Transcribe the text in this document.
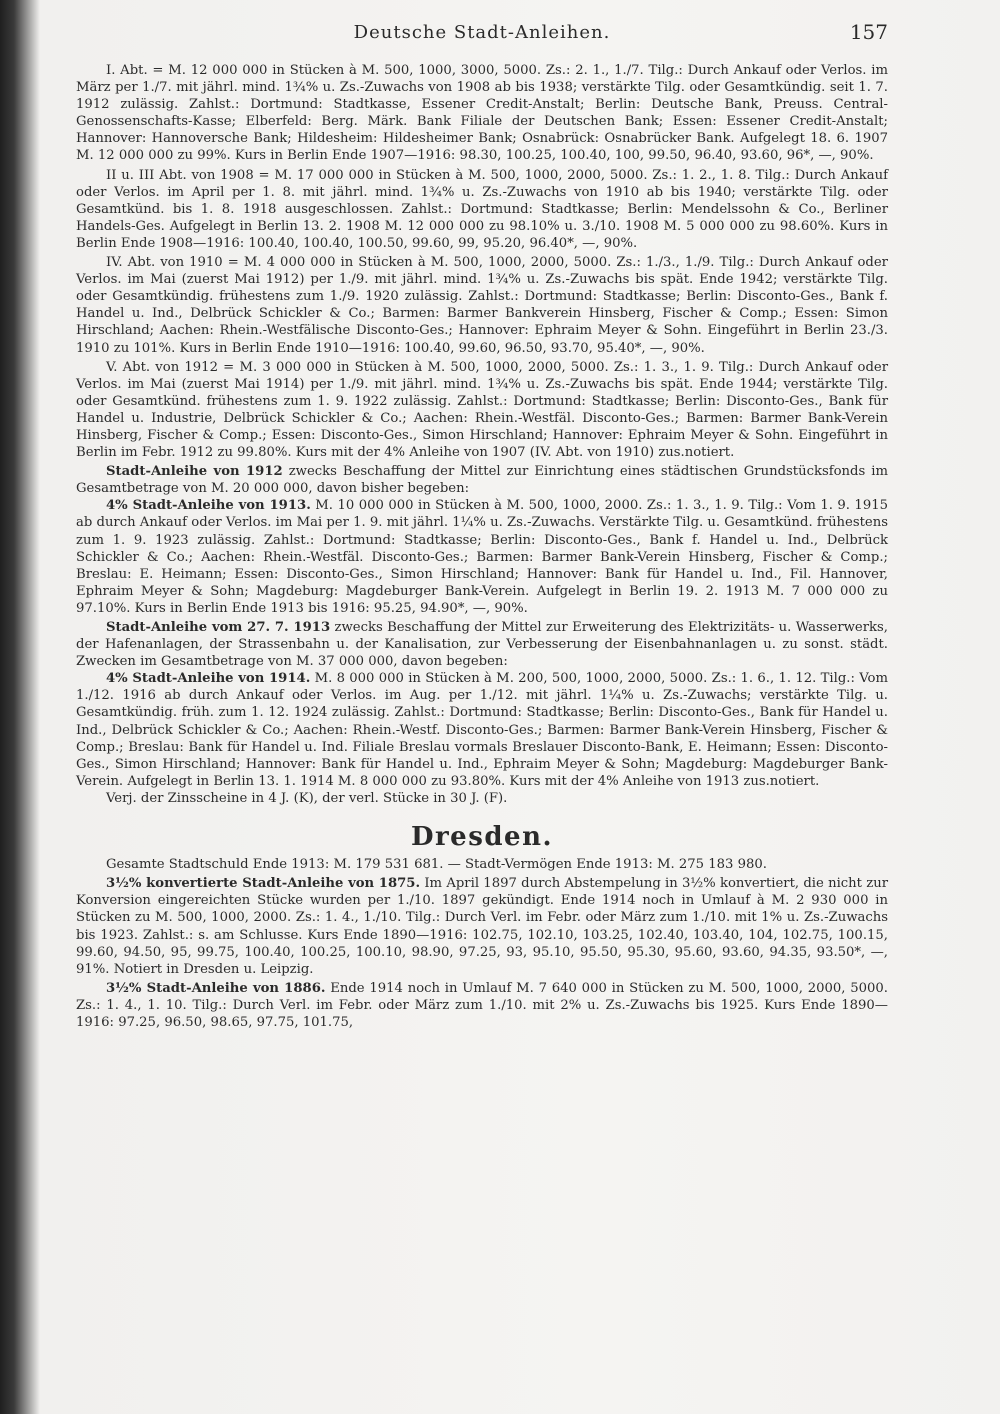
Deutsche Stadt-Anleihen.	157

I. Abt. = M. 12 000 000 in Stücken à M. 500, 1000, 3000, 5000. Zs.: 2. 1., 1./7. Tilg.: Durch Ankauf oder Verlos. im März per 1./7. mit jährl. mind. 1¾% u. Zs.-Zuwachs von 1908 ab bis 1938; verstärkte Tilg. oder Gesamtkündig. seit 1. 7. 1912 zulässig. Zahlst.: Dortmund: Stadtkasse, Essener Credit-Anstalt; Berlin: Deutsche Bank, Preuss. Central-Genossenschafts-Kasse; Elberfeld: Berg. Märk. Bank Filiale der Deutschen Bank; Essen: Essener Credit-Anstalt; Hannover: Hannoversche Bank; Hildesheim: Hildesheimer Bank; Osnabrück: Osnabrücker Bank. Aufgelegt 18. 6. 1907 M. 12 000 000 zu 99%. Kurs in Berlin Ende 1907—1916: 98.30, 100.25, 100.40, 100, 99.50, 96.40, 93.60, 96*, —, 90%.

II u. III Abt. von 1908 = M. 17 000 000 in Stücken à M. 500, 1000, 2000, 5000. Zs.: 1. 2., 1. 8. Tilg.: Durch Ankauf oder Verlos. im April per 1. 8. mit jährl. mind. 1¾% u. Zs.-Zuwachs von 1910 ab bis 1940; verstärkte Tilg. oder Gesamtkünd. bis 1. 8. 1918 ausgeschlossen. Zahlst.: Dortmund: Stadtkasse; Berlin: Mendelssohn & Co., Berliner Handels-Ges. Aufgelegt in Berlin 13. 2. 1908 M. 12 000 000 zu 98.10% u. 3./10. 1908 M. 5 000 000 zu 98.60%. Kurs in Berlin Ende 1908—1916: 100.40, 100.40, 100.50, 99.60, 99, 95.20, 96.40*, —, 90%.

IV. Abt. von 1910 = M. 4 000 000 in Stücken à M. 500, 1000, 2000, 5000. Zs.: 1./3., 1./9. Tilg.: Durch Ankauf oder Verlos. im Mai (zuerst Mai 1912) per 1./9. mit jährl. mind. 1¾% u. Zs.-Zuwachs bis spät. Ende 1942; verstärkte Tilg. oder Gesamtkündig. frühestens zum 1./9. 1920 zulässig. Zahlst.: Dortmund: Stadtkasse; Berlin: Disconto-Ges., Bank f. Handel u. Ind., Delbrück Schickler & Co.; Barmen: Barmer Bankverein Hinsberg, Fischer & Comp.; Essen: Simon Hirschland; Aachen: Rhein.-Westfälische Disconto-Ges.; Hannover: Ephraim Meyer & Sohn. Eingeführt in Berlin 23./3. 1910 zu 101%. Kurs in Berlin Ende 1910—1916: 100.40, 99.60, 96.50, 93.70, 95.40*, —, 90%.

V. Abt. von 1912 = M. 3 000 000 in Stücken à M. 500, 1000, 2000, 5000. Zs.: 1. 3., 1. 9. Tilg.: Durch Ankauf oder Verlos. im Mai (zuerst Mai 1914) per 1./9. mit jährl. mind. 1¾% u. Zs.-Zuwachs bis spät. Ende 1944; verstärkte Tilg. oder Gesamtkünd. frühestens zum 1. 9. 1922 zulässig. Zahlst.: Dortmund: Stadtkasse; Berlin: Disconto-Ges., Bank für Handel u. Industrie, Delbrück Schickler & Co.; Aachen: Rhein.-Westfäl. Disconto-Ges.; Barmen: Barmer Bank-Verein Hinsberg, Fischer & Comp.; Essen: Disconto-Ges., Simon Hirschland; Hannover: Ephraim Meyer & Sohn. Eingeführt in Berlin im Febr. 1912 zu 99.80%. Kurs mit der 4% Anleihe von 1907 (IV. Abt. von 1910) zus.notiert.

Stadt-Anleihe von 1912 zwecks Beschaffung der Mittel zur Einrichtung eines städtischen Grundstücksfonds im Gesamtbetrage von M. 20 000 000, davon bisher begeben:

4% Stadt-Anleihe von 1913. M. 10 000 000 in Stücken à M. 500, 1000, 2000. Zs.: 1. 3., 1. 9. Tilg.: Vom 1. 9. 1915 ab durch Ankauf oder Verlos. im Mai per 1. 9. mit jährl. 1¼% u. Zs.-Zuwachs. Verstärkte Tilg. u. Gesamtkünd. frühestens zum 1. 9. 1923 zulässig. Zahlst.: Dortmund: Stadtkasse; Berlin: Disconto-Ges., Bank f. Handel u. Ind., Delbrück Schickler & Co.; Aachen: Rhein.-Westfäl. Disconto-Ges.; Barmen: Barmer Bank-Verein Hinsberg, Fischer & Comp.; Breslau: E. Heimann; Essen: Disconto-Ges., Simon Hirschland; Hannover: Bank für Handel u. Ind., Fil. Hannover, Ephraim Meyer & Sohn; Magdeburg: Magdeburger Bank-Verein. Aufgelegt in Berlin 19. 2. 1913 M. 7 000 000 zu 97.10%. Kurs in Berlin Ende 1913 bis 1916: 95.25, 94.90*, —, 90%.

Stadt-Anleihe vom 27. 7. 1913 zwecks Beschaffung der Mittel zur Erweiterung des Elektrizitäts- u. Wasserwerks, der Hafenanlagen, der Strassenbahn u. der Kanalisation, zur Verbesserung der Eisenbahnanlagen u. zu sonst. städt. Zwecken im Gesamtbetrage von M. 37 000 000, davon begeben:

4% Stadt-Anleihe von 1914. M. 8 000 000 in Stücken à M. 200, 500, 1000, 2000, 5000. Zs.: 1. 6., 1. 12. Tilg.: Vom 1./12. 1916 ab durch Ankauf oder Verlos. im Aug. per 1./12. mit jährl. 1¼% u. Zs.-Zuwachs; verstärkte Tilg. u. Gesamtkündig. früh. zum 1. 12. 1924 zulässig. Zahlst.: Dortmund: Stadtkasse; Berlin: Disconto-Ges., Bank für Handel u. Ind., Delbrück Schickler & Co.; Aachen: Rhein.-Westf. Disconto-Ges.; Barmen: Barmer Bank-Verein Hinsberg, Fischer & Comp.; Breslau: Bank für Handel u. Ind. Filiale Breslau vormals Breslauer Disconto-Bank, E. Heimann; Essen: Disconto-Ges., Simon Hirschland; Hannover: Bank für Handel u. Ind., Ephraim Meyer & Sohn; Magdeburg: Magdeburger Bank-Verein. Aufgelegt in Berlin 13. 1. 1914 M. 8 000 000 zu 93.80%. Kurs mit der 4% Anleihe von 1913 zus.notiert.

Verj. der Zinsscheine in 4 J. (K), der verl. Stücke in 30 J. (F).

Dresden.

Gesamte Stadtschuld Ende 1913: M. 179 531 681. — Stadt-Vermögen Ende 1913: M. 275 183 980.

3½% konvertierte Stadt-Anleihe von 1875. Im April 1897 durch Abstempelung in 3½% konvertiert, die nicht zur Konversion eingereichten Stücke wurden per 1./10. 1897 gekündigt. Ende 1914 noch in Umlauf à M. 2 930 000 in Stücken zu M. 500, 1000, 2000. Zs.: 1. 4., 1./10. Tilg.: Durch Verl. im Febr. oder März zum 1./10. mit 1% u. Zs.-Zuwachs bis 1923. Zahlst.: s. am Schlusse. Kurs Ende 1890—1916: 102.75, 102.10, 103.25, 102.40, 103.40, 104, 102.75, 100.15, 99.60, 94.50, 95, 99.75, 100.40, 100.25, 100.10, 98.90, 97.25, 93, 95.10, 95.50, 95.30, 95.60, 93.60, 94.35, 93.50*, —, 91%. Notiert in Dresden u. Leipzig.

3½% Stadt-Anleihe von 1886. Ende 1914 noch in Umlauf M. 7 640 000 in Stücken zu M. 500, 1000, 2000, 5000. Zs.: 1. 4., 1. 10. Tilg.: Durch Verl. im Febr. oder März zum 1./10. mit 2% u. Zs.-Zuwachs bis 1925. Kurs Ende 1890—1916: 97.25, 96.50, 98.65, 97.75, 101.75,
